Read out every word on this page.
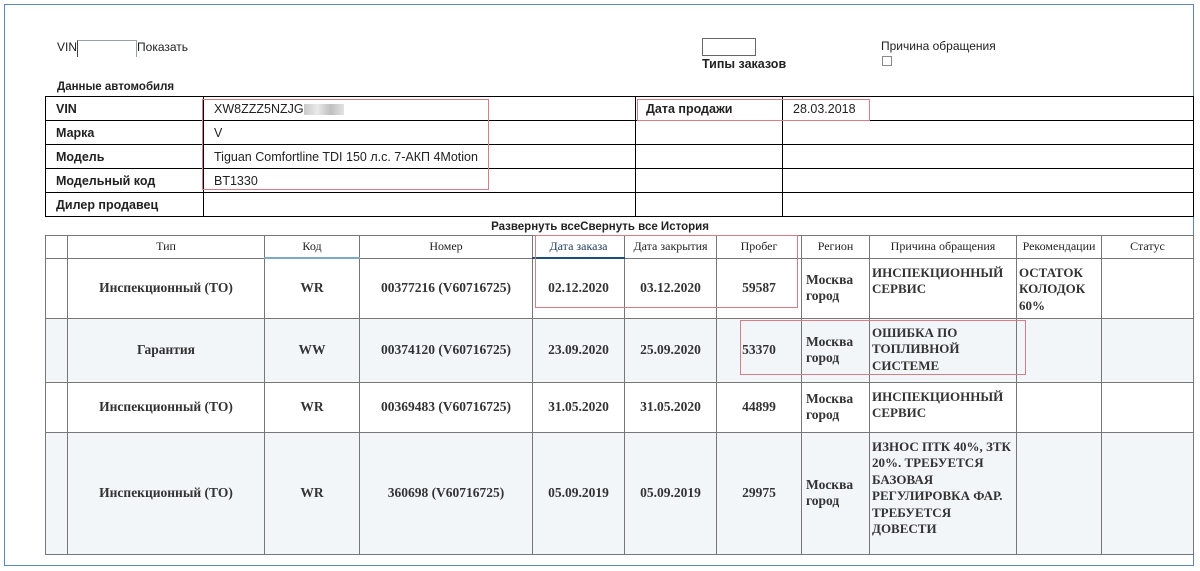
VIN	Показать
Типы заказов
Причина обращения
Данные автомобиля
VIN	XW8ZZZ5NZJG	Дата продажи	28.03.2018
Марка	V		
Модель	Tiguan Comfortline TDI 150 л.с. 7-АКП 4Motion		
Модельный код	BT1330		
Дилер продавец			
Развернуть всеСвернуть все История
	Тип	Код	Номер	Дата заказа	Дата закрытия	Пробег	Регион	Причина обращения	Рекомендации	Статус
	Инспекционный (ТО)	WR	00377216 (V60716725)	02.12.2020	03.12.2020	59587	Москва город	ИНСПЕКЦИОННЫЙ СЕРВИС	ОСТАТОК КОЛОДОК 60%	
	Гарантия	WW	00374120 (V60716725)	23.09.2020	25.09.2020	53370	Москва город	ОШИБКА ПО ТОПЛИВНОЙ СИСТЕМЕ		
	Инспекционный (ТО)	WR	00369483 (V60716725)	31.05.2020	31.05.2020	44899	Москва город	ИНСПЕКЦИОННЫЙ СЕРВИС		
	Инспекционный (ТО)	WR	360698 (V60716725)	05.09.2019	05.09.2019	29975	Москва город	ИЗНОС ПТК 40%, ЗТК 20%. ТРЕБУЕТСЯ БАЗОВАЯ РЕГУЛИРОВКА ФАР. ТРЕБУЕТСЯ ДОВЕСТИ		
